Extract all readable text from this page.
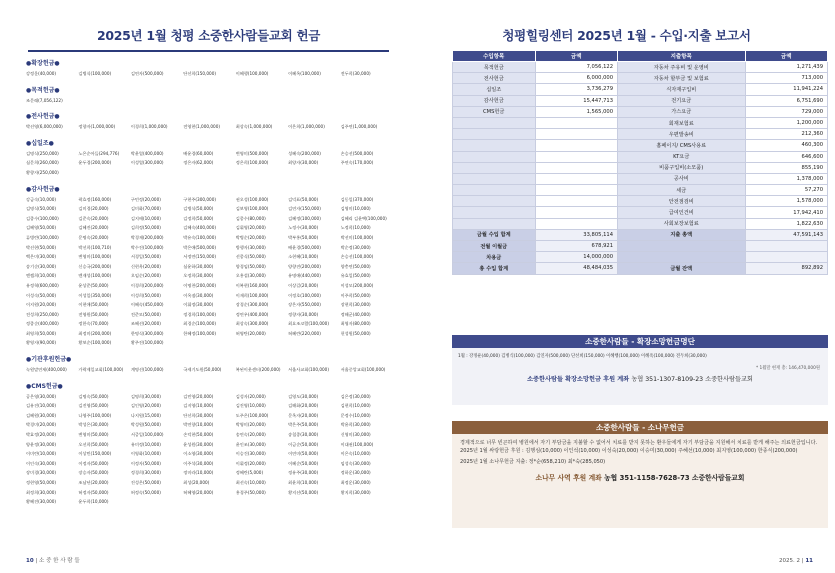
2025년 1월 청평 소중한사람들교회 헌금
●확장헌금●
강정운(40,000)	김병식(100,000)	김연자(500,000)	단선희(150,000)	이혜행(100,000)	이혜옥(100,000)	전두희(30,000)
●목적헌금●
조문래(7,056,122)
●전사헌금●
박선영(6,000,000)	정향자(1,000,000)	이경희(1,000,000)	전영현(1,000,000)	최상숙(1,000,000)	이은희(1,000,000)	김주연(1,000,000)
●십일조●
김명식(250,000)	노은순아들(294,776)	박윤열(400,000)	배윤경(60,000)	변영미(500,000)	성혜숙(200,000)	손승선(500,000)
심문희(260,000)	윤두경(200,000)	이성열(300,000)	정은자(62,000)	정은희(100,000)	최양자(30,000)	주연숙(170,000)
황향자(250,000)
●감사헌금●
강금숙(10,000)	곽효정(160,000)	구민정(20,000)	구현주(300,000)	권오성(100,000)	김덕표(50,000)	김동일(370,000)
김명식(50,000)	김미경(20,000)	김미화(70,000)	김병식(50,000)	김보영(100,000)	김연자(150,000)	김영미(10,000)
김종수(100,000)	김준숙(20,000)	김지애(10,000)	김정희(50,000)	김종수(80,000)	김혜정(100,000)	김혜리 김윤택(100,000)
김혜영(50,000)	김혜진(20,000)	김희정(50,000)	김혜숙(400,000)	김휘영(20,000)	노정수(30,000)	노정희(10,000)
류병란(100,000)	문명숙(20,000)	박경재(200,000)	박유숙(100,000)	박병순(20,000)	박부홍(50,000)	박선미(100,000)
박선현(50,000)	박선희(100,710)	박수진(100,000)	박은애(500,000)	방행자(30,000)	배윤경(500,000)	박순정(30,000)
백은미(30,000)	변영미(100,000)	서경일(50,000)	서정연(150,000)	선종식(50,000)	소현혜(10,000)	손승선(100,000)
송기순(30,000)	신승국(200,000)	신현옥(20,000)	심윤하(30,000)	양경임(50,000)	양향진(200,000)	양충연(50,000)
엔젤희(10,000)	엔재성(100,000)	오임순(20,000)	오정희(30,000)	오홍섭(30,000)	유명애(440,000)	유효일(50,000)
유정혁(600,000)	윤상준(50,000)	이경희(200,000)	이명천(200,000)	이복현(160,000)	이상길(20,000)	이성모(200,000)
이성숙(50,000)	이성일(350,000)	이성희(50,000)	이옥점(30,000)	이재희(100,000)	이정호(100,000)	이주희(50,000)
이지원(20,000)	이현애(50,000)	이혜숙(450,000)	이휘정(30,000)	장경순(300,000)	장은자(550,000)	장현희(30,000)
전성희(250,000)	전영원(50,000)	전준모(50,000)	정경희(100,000)	정연우(400,000)	정향자(30,000)	정해군(40,000)
정종순(400,000)	정한숙(70,000)	조혜선(20,000)	최경순(100,000)	최상숙(300,000)	최요조코람(100,000)	최영자(80,000)
최영희(50,000)	최정미(200,000)	한명식(300,000)	한혜정(100,000)	허영탄(20,000)	허혜란(220,000)	헌성원(50,000)
황영자(90,000)	황보순(100,000)	황주진(100,000)
●기관후원헌금●
녹원말연제(400,000)	가락제일교회(100,000)	계명선(100,000)	국제기도원(50,000)	복된이웃센터(200,000)	서울사교회(100,000)	서울중앙교회(100,000)
●CMS헌금●
공은영(30,000)	김명숙(50,000)	김명희(30,000)	김민영(20,000)	김성자(20,000)	김영도(30,000)	김은정(30,000)
김유진(10,000)	김진영(50,000)	김인영(20,000)	김지영(10,000)	김진영(10,000)	김해화(20,000)	김현희(10,000)
김혜원(30,000)	나영주(100,000)	나지원(15,000)	단선희(30,000)	도주은(100,000)	문옥자(20,000)	문정수(10,000)
박경미(20,000)	박성은(30,000)	박성원(50,000)	박연향(10,000)	박영미(20,000)	박은주(50,000)	박윤희(30,000)
박효정(20,000)	변영미(50,000)	서증일(100,000)	손덕현(50,000)	송연숙(20,000)	송철종(30,000)	신영미(30,000)
양윤정(30,000)	오선희(50,000)	유미정(10,000)	윤성원(30,000)	윤인조(30,000)	이금순(50,000)	이대권(100,000)
이미란(10,000)	이상민(150,000)	이영화(10,000)	이소영(30,000)	이승건(30,000)	이연미(50,000)	이은숙(10,000)
이인숙(30,000)	이정자(50,000)	이정자(50,000)	이주석(30,000)	이휘정(20,000)	이혜순(50,000)	임성숙(30,000)
장미경(30,000)	장승자(50,000)	정경희(30,000)	정미라(10,000)	정혜란(5,000)	정유주(30,000)	정하운(30,000)
정현영(50,000)	조남년(20,000)	진성은(50,000)	최성(20,000)	최선숙(10,000)	최윤희(10,000)	최정운(30,000)
최정희(30,000)	허정자(50,000)	허정숙(50,000)	허혜영(20,000)	홍경주(50,000)	황지선(50,000)	황지희(30,000)
황혜진(30,000)	윤두희(10,000)
10 | 소 중 한 사 람 들
청평힐링센터 2025년 1월 - 수입·지출 보고서
수입항목	금액	지출항목	금액
목적헌금	7,056,122	자동차 주유비 및 운영비	1,271,439
전사헌금	6,000,000	자동차 할부금 및 보험료	713,000
십일조	3,736,279	식자재구입비	11,941,224
감사헌금	15,447,713	전기요금	6,751,690
CMS헌금	1,565,000	가스요금	729,000
		회재보험료	1,200,000
		우편발송비	212,360
		홈페이지/ CMS사용료	460,300
		KT요금	646,600
		비품구입비(소모품)	855,190
		공사비	1,378,000
		세금	57,270
		안전점검비	1,578,000
		급여인건비	17,942,410
		사회보장보험료	1,822,630
금월 수입 합계	33,805,114	지출 총액	47,591,143
전월 이월금	678,921		
차용금	14,000,000		
총 수입 합계	48,484,035	금월 잔액	892,892
소중한사람들 - 확장소망헌금명단
1월 : 강정운(40,000) 김병식(100,000) 김연자(500,000) 단선희(150,000) 이혜행(100,000) 이혜옥(100,000) 전두희(30,000)
* 1월말 현재 총: 146,470,000원
소중한사람들 확장소망헌금 후원 계좌 농협 351-1307-8109-23 소중한사람들교회
소중한사람들 - 소나무헌금
경제적으로 너무 빈곤하여 병원에서 자기 부담금을 지불할 수 없어서 치료를 받지 못하는 환우들에게 자기 부담금을 지원해서 치료를 받게 해주는 의료헌금입니다.
2025년 1월 싸랑헌금 후원 : 김행심(10,000) 이인석(10,000) 이성숙(20,000) 이승미(30,000) 주혜선(10,000) 최지영(100,000) 한종식(200,000)
2025년 1월 소나무헌금 지출: 정*순(658,210) 최*숙(285,050)
소나무 사역 후원 계좌 농협 351-1158-7628-73 소중한사람들교회
2025. 2 | 11
